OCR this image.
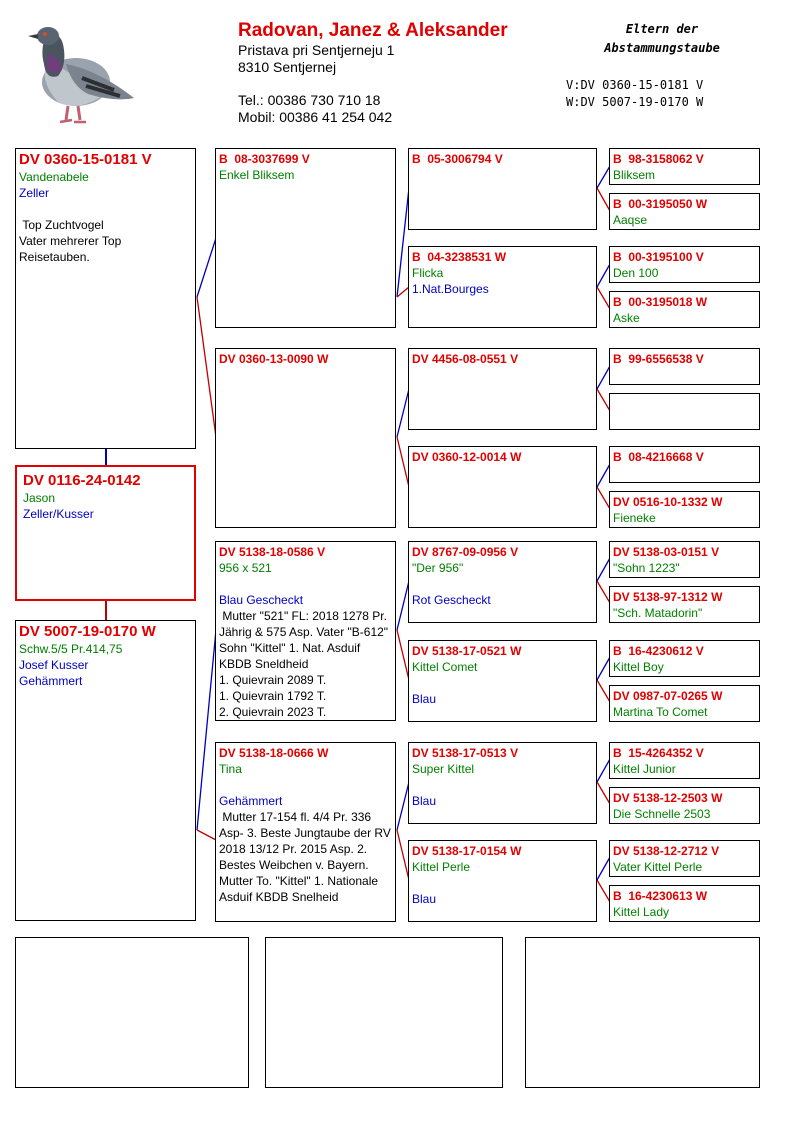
Radovan, Janez & Aleksander
Pristava pri Sentjerneju 1
8310 Sentjernej
Tel.: 00386 730 710 18
Mobil: 00386 41 254 042
Eltern der
Abstammungstaube
V:DV 0360-15-0181 V
W:DV 5007-19-0170 W
DV 0360-15-0181 V
Vandenabele
Zeller
Top Zuchtvogel
Vater mehrerer Top
Reisetauben.
DV 0116-24-0142
Jason
Zeller/Kusser
DV 5007-19-0170 W
Schw.5/5 Pr.414,75
Josef Kusser
Gehämmert
B  08-3037699 V
Enkel Bliksem
DV 0360-13-0090 W
DV 5138-18-0586 V
956 x 521
Blau Gescheckt
Mutter "521" FL: 2018 1278 Pr. Jährig & 575 Asp. Vater "B-612" Sohn "Kittel" 1. Nat. Asduif KBDB Sneldheid
1. Quievrain 2089 T.
1. Quievrain 1792 T.
2. Quievrain 2023 T.
DV 5138-18-0666 W
Tina
Gehämmert
Mutter 17-154 fl. 4/4 Pr. 336 Asp- 3. Beste Jungtaube der RV 2018 13/12 Pr. 2015 Asp. 2. Bestes Weibchen v. Bayern. Mutter To. "Kittel" 1. Nationale Asduif KBDB Snelheid
B  05-3006794 V
B  04-3238531 W
Flicka
1.Nat.Bourges
DV 4456-08-0551 V
DV 0360-12-0014 W
DV 8767-09-0956 V
"Der 956"
Rot Gescheckt
DV 5138-17-0521 W
Kittel Comet
Blau
DV 5138-17-0513 V
Super Kittel
Blau
DV 5138-17-0154 W
Kittel Perle
Blau
B  98-3158062 V
Bliksem
B  00-3195050 W
Aaqse
B  00-3195100 V
Den 100
B  00-3195018 W
Aske
B  99-6556538 V
B  08-4216668 V
DV 0516-10-1332 W
Fieneke
DV 5138-03-0151 V
"Sohn 1223"
DV 5138-97-1312 W
"Sch. Matadorin"
B  16-4230612 V
Kittel Boy
DV 0987-07-0265 W
Martina To Comet
B  15-4264352 V
Kittel Junior
DV 5138-12-2503 W
Die Schnelle 2503
DV 5138-12-2712 V
Vater Kittel Perle
B  16-4230613 W
Kittel Lady
